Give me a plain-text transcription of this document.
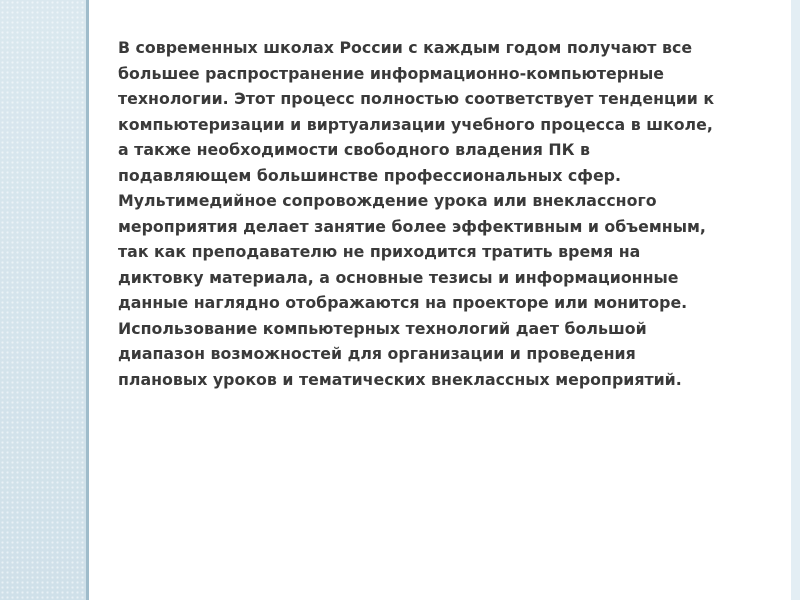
В современных школах России с каждым годом получают все большее распространение информационно-компьютерные технологии. Этот процесс полностью соответствует тенденции к компьютеризации и виртуализации учебного процесса в школе, а также необходимости свободного владения ПК в подавляющем большинстве профессиональных сфер.

Мультимедийное сопровождение урока или внеклассного мероприятия делает занятие более эффективным и объемным, так как преподавателю не приходится тратить время на диктовку материала, а основные тезисы и информационные данные наглядно отображаются на проекторе или мониторе.

Использование компьютерных технологий дает большой диапазон возможностей для организации и проведения плановых уроков и тематических внеклассных мероприятий.
